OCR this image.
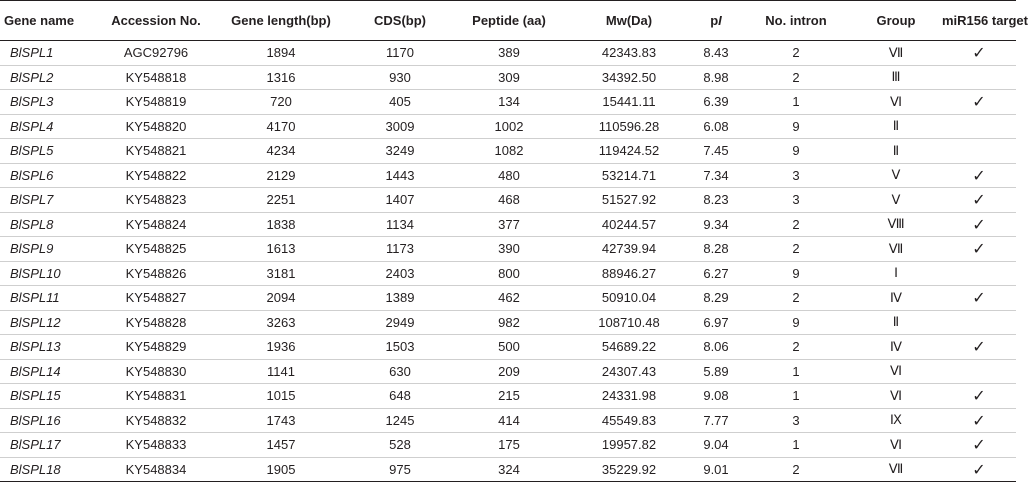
Gene name	Accession No.	Gene length(bp)	CDS(bp)	Peptide (aa)	Mw(Da)	pI	No. intron	Group	miR156 target
BlSPL1	AGC92796	1894	1170	389	42343.83	8.43	2	Ⅶ	✓
BlSPL2	KY548818	1316	930	309	34392.50	8.98	2	Ⅲ	
BlSPL3	KY548819	720	405	134	15441.11	6.39	1	Ⅵ	✓
BlSPL4	KY548820	4170	3009	1002	110596.28	6.08	9	Ⅱ	
BlSPL5	KY548821	4234	3249	1082	119424.52	7.45	9	Ⅱ	
BlSPL6	KY548822	2129	1443	480	53214.71	7.34	3	Ⅴ	✓
BlSPL7	KY548823	2251	1407	468	51527.92	8.23	3	Ⅴ	✓
BlSPL8	KY548824	1838	1134	377	40244.57	9.34	2	Ⅷ	✓
BlSPL9	KY548825	1613	1173	390	42739.94	8.28	2	Ⅶ	✓
BlSPL10	KY548826	3181	2403	800	88946.27	6.27	9	Ⅰ	
BlSPL11	KY548827	2094	1389	462	50910.04	8.29	2	Ⅳ	✓
BlSPL12	KY548828	3263	2949	982	108710.48	6.97	9	Ⅱ	
BlSPL13	KY548829	1936	1503	500	54689.22	8.06	2	Ⅳ	✓
BlSPL14	KY548830	1141	630	209	24307.43	5.89	1	Ⅵ	
BlSPL15	KY548831	1015	648	215	24331.98	9.08	1	Ⅵ	✓
BlSPL16	KY548832	1743	1245	414	45549.83	7.77	3	Ⅸ	✓
BlSPL17	KY548833	1457	528	175	19957.82	9.04	1	Ⅵ	✓
BlSPL18	KY548834	1905	975	324	35229.92	9.01	2	Ⅶ	✓
